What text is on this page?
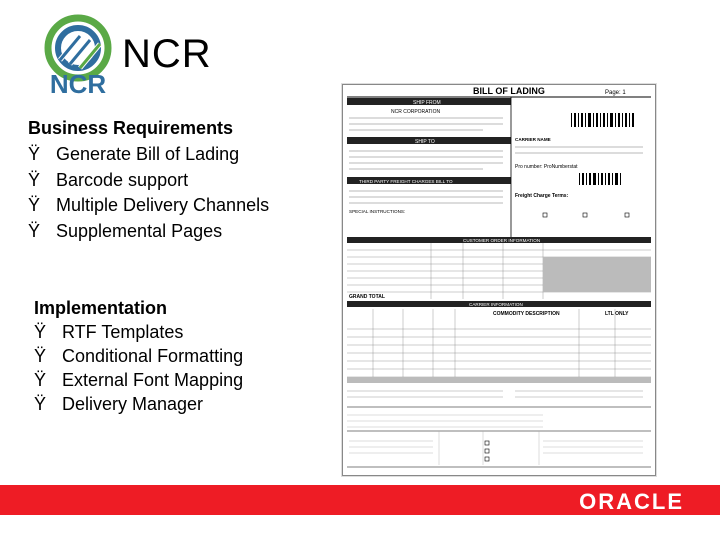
NCR
NCR
Business Requirements
Ÿ Generate Bill of Lading
Ÿ Barcode support
Ÿ Multiple Delivery Channels
Ÿ Supplemental Pages
Implementation
Ÿ RTF Templates
Ÿ Conditional Formatting
Ÿ External Font Mapping
Ÿ Delivery Manager
BILL OF LADING	Page: 1
SHIP FROM
NCR CORPORATION
SHIP TO
THIRD PARTY FREIGHT CHARGES BILL TO
SPECIAL INSTRUCTIONS:
CARRIER NAME
Pro number: ProNumberstat
Freight Charge Terms:
CUSTOMER ORDER INFORMATION
GRAND TOTAL
CARRIER INFORMATION
COMMODITY DESCRIPTION	LTL ONLY
ORACLE
